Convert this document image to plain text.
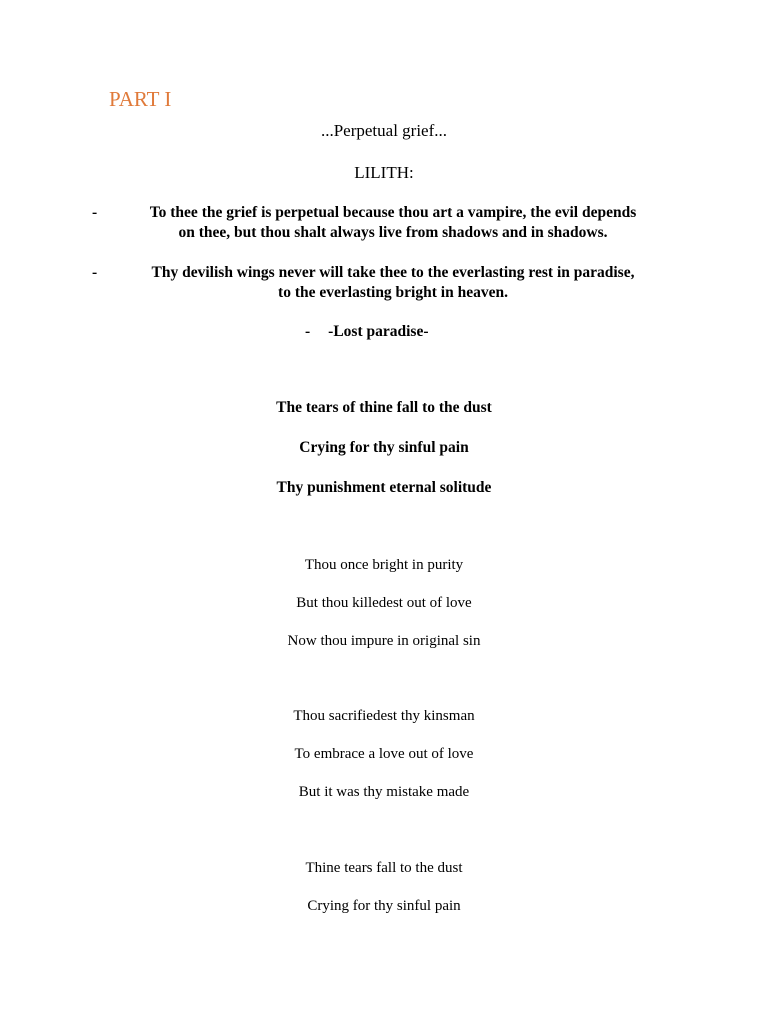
PART I

...Perpetual grief...

LILITH:

-	To thee the grief is perpetual because thou art a vampire, the evil depends
on thee, but thou shalt always live from shadows and in shadows.
-	Thy devilish wings never will take thee to the everlasting rest in paradise,
to the everlasting bright in heaven.

- -Lost paradise-

The tears of thine fall to the dust

Crying for thy sinful pain

Thy punishment eternal solitude

Thou once bright in purity

But thou killedest out of love

Now thou impure in original sin

Thou sacrifiedest thy kinsman

To embrace a love out of love

But it was thy mistake made

Thine tears fall to the dust

Crying for thy sinful pain
